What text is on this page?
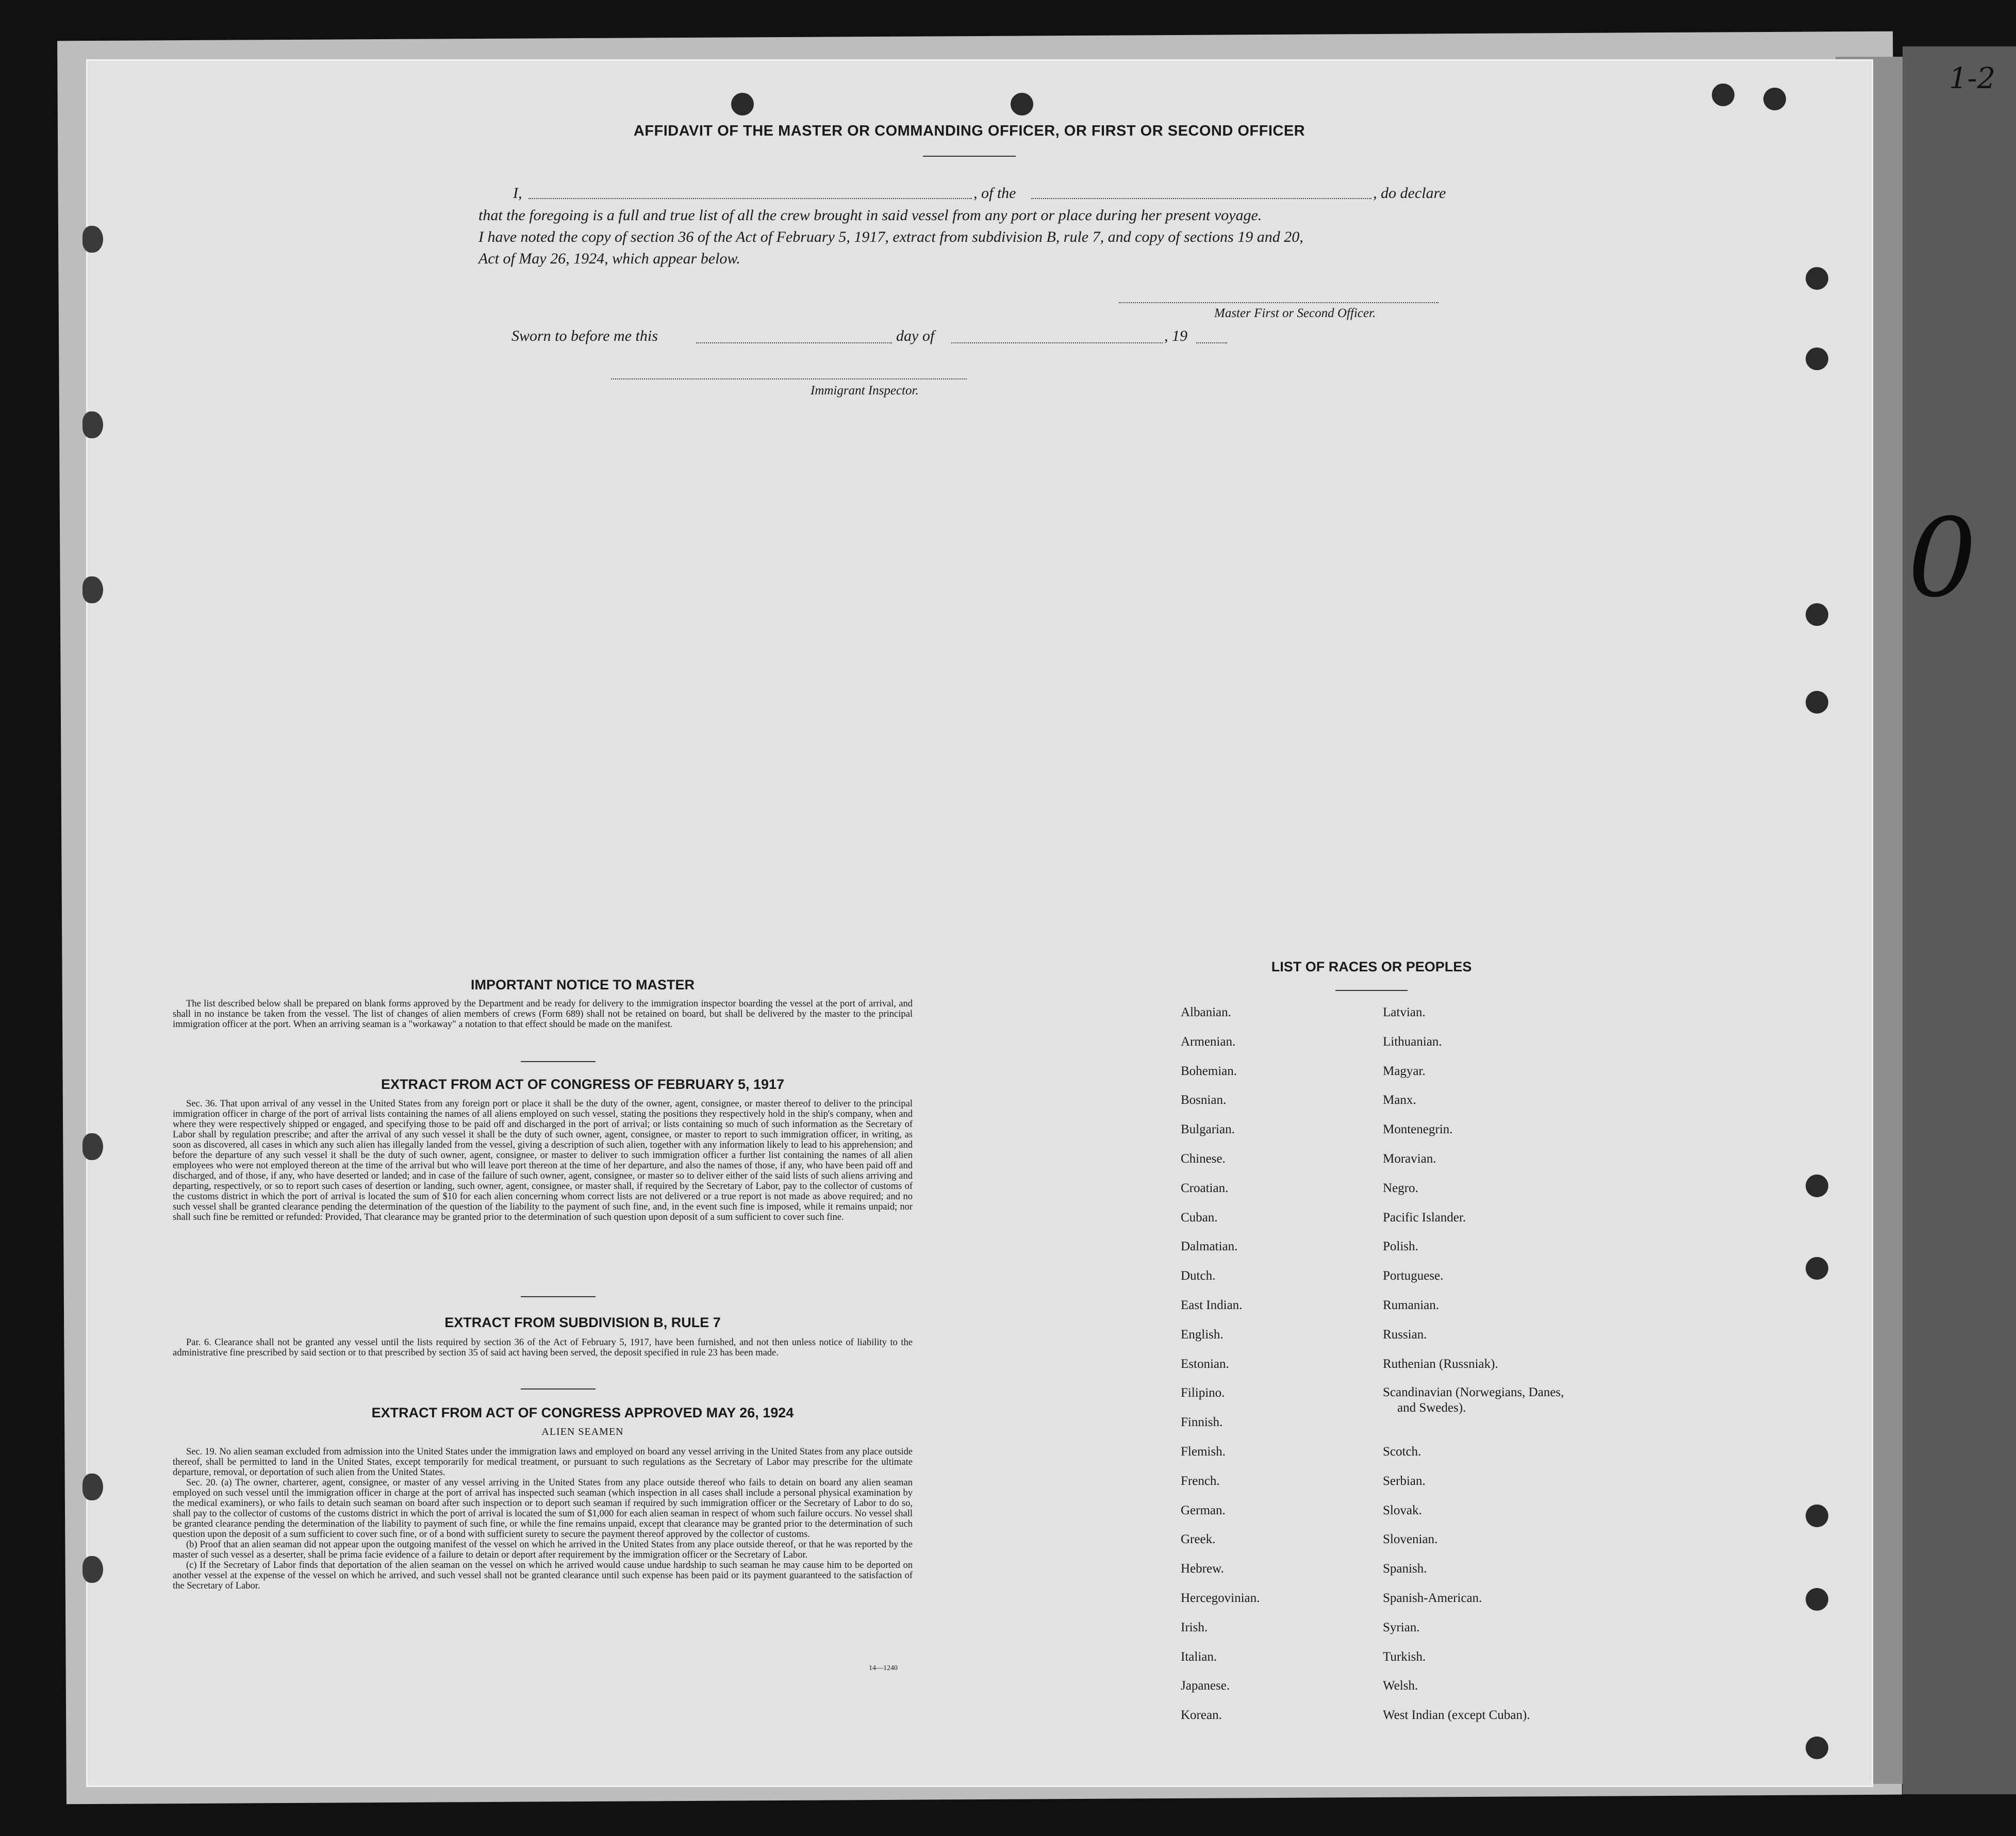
1-2
0
AFFIDAVIT OF THE MASTER OR COMMANDING OFFICER, OR FIRST OR SECOND OFFICER
I,	, of the	, do declare
that the foregoing is a full and true list of all the crew brought in said vessel from any port or place during her present voyage.
I have noted the copy of section 36 of the Act of February 5, 1917, extract from subdivision B, rule 7, and copy of sections 19 and 20,
Act of May 26, 1924, which appear below.
Master First or Second Officer.
Sworn to before me this	day of	, 19
Immigrant Inspector.
IMPORTANT NOTICE TO MASTER
The list described below shall be prepared on blank forms approved by the Department and be ready for delivery to the immigration inspector boarding the vessel at the port of arrival, and shall in no instance be taken from the vessel. The list of changes of alien members of crews (Form 689) shall not be retained on board, but shall be delivered by the master to the principal immigration officer at the port. When an arriving seaman is a "workaway" a notation to that effect should be made on the manifest.
EXTRACT FROM ACT OF CONGRESS OF FEBRUARY 5, 1917
Sec. 36. That upon arrival of any vessel in the United States from any foreign port or place it shall be the duty of the owner, agent, consignee, or master thereof to deliver to the principal immigration officer in charge of the port of arrival lists containing the names of all aliens employed on such vessel, stating the positions they respectively hold in the ship's company, when and where they were respectively shipped or engaged, and specifying those to be paid off and discharged in the port of arrival; or lists containing so much of such information as the Secretary of Labor shall by regulation prescribe; and after the arrival of any such vessel it shall be the duty of such owner, agent, consignee, or master to report to such immigration officer, in writing, as soon as discovered, all cases in which any such alien has illegally landed from the vessel, giving a description of such alien, together with any information likely to lead to his apprehension; and before the departure of any such vessel it shall be the duty of such owner, agent, consignee, or master to deliver to such immigration officer a further list containing the names of all alien employees who were not employed thereon at the time of the arrival but who will leave port thereon at the time of her departure, and also the names of those, if any, who have been paid off and discharged, and of those, if any, who have deserted or landed; and in case of the failure of such owner, agent, consignee, or master so to deliver either of the said lists of such aliens arriving and departing, respectively, or so to report such cases of desertion or landing, such owner, agent, consignee, or master shall, if required by the Secretary of Labor, pay to the collector of customs of the customs district in which the port of arrival is located the sum of $10 for each alien concerning whom correct lists are not delivered or a true report is not made as above required; and no such vessel shall be granted clearance pending the determination of the question of the liability to the payment of such fine, and, in the event such fine is imposed, while it remains unpaid; nor shall such fine be remitted or refunded: Provided, That clearance may be granted prior to the determination of such question upon deposit of a sum sufficient to cover such fine.
EXTRACT FROM SUBDIVISION B, RULE 7
Par. 6. Clearance shall not be granted any vessel until the lists required by section 36 of the Act of February 5, 1917, have been furnished, and not then unless notice of liability to the administrative fine prescribed by said section or to that prescribed by section 35 of said act having been served, the deposit specified in rule 23 has been made.
EXTRACT FROM ACT OF CONGRESS APPROVED MAY 26, 1924
ALIEN SEAMEN

Sec. 19. No alien seaman excluded from admission into the United States under the immigration laws and employed on board any vessel arriving in the United States from any place outside thereof, shall be permitted to land in the United States, except temporarily for medical treatment, or pursuant to such regulations as the Secretary of Labor may prescribe for the ultimate departure, removal, or deportation of such alien from the United States.

Sec. 20. (a) The owner, charterer, agent, consignee, or master of any vessel arriving in the United States from any place outside thereof who fails to detain on board any alien seaman employed on such vessel until the immigration officer in charge at the port of arrival has inspected such seaman (which inspection in all cases shall include a personal physical examination by the medical examiners), or who fails to detain such seaman on board after such inspection or to deport such seaman if required by such immigration officer or the Secretary of Labor to do so, shall pay to the collector of customs of the customs district in which the port of arrival is located the sum of $1,000 for each alien seaman in respect of whom such failure occurs. No vessel shall be granted clearance pending the determination of the liability to payment of such fine, or while the fine remains unpaid, except that clearance may be granted prior to the determination of such question upon the deposit of a sum sufficient to cover such fine, or of a bond with sufficient surety to secure the payment thereof approved by the collector of customs.

(b) Proof that an alien seaman did not appear upon the outgoing manifest of the vessel on which he arrived in the United States from any place outside thereof, or that he was reported by the master of such vessel as a deserter, shall be prima facie evidence of a failure to detain or deport after requirement by the immigration officer or the Secretary of Labor.

(c) If the Secretary of Labor finds that deportation of the alien seaman on the vessel on which he arrived would cause undue hardship to such seaman he may cause him to be deported on another vessel at the expense of the vessel on which he arrived, and such vessel shall not be granted clearance until such expense has been paid or its payment guaranteed to the satisfaction of the Secretary of Labor.

14—1240
LIST OF RACES OR PEOPLES
Albanian.
Armenian.
Bohemian.
Bosnian.
Bulgarian.
Chinese.
Croatian.
Cuban.
Dalmatian.
Dutch.
East Indian.
English.
Estonian.
Filipino.
Finnish.
Flemish.
French.
German.
Greek.
Hebrew.
Hercegovinian.
Irish.
Italian.
Japanese.
Korean.
Latvian.
Lithuanian.
Magyar.
Manx.
Montenegrin.
Moravian.
Negro.
Pacific Islander.
Polish.
Portuguese.
Rumanian.
Russian.
Ruthenian (Russniak).
Scandinavian (Norwegians, Danes, and Swedes).
Scotch.
Serbian.
Slovak.
Slovenian.
Spanish.
Spanish-American.
Syrian.
Turkish.
Welsh.
West Indian (except Cuban).
